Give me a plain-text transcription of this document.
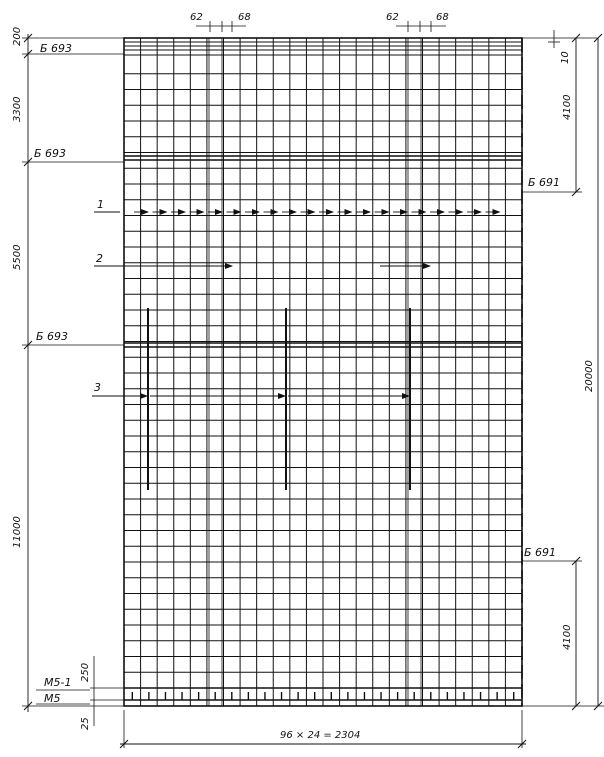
62	68	62	68
200
3300
5500
11000
Б 693
Б 693
Б 693
10
4100
Б 691
20000
Б 691
4100
1
2
3
250
25
М5-1
М5
96 × 24 = 2304
